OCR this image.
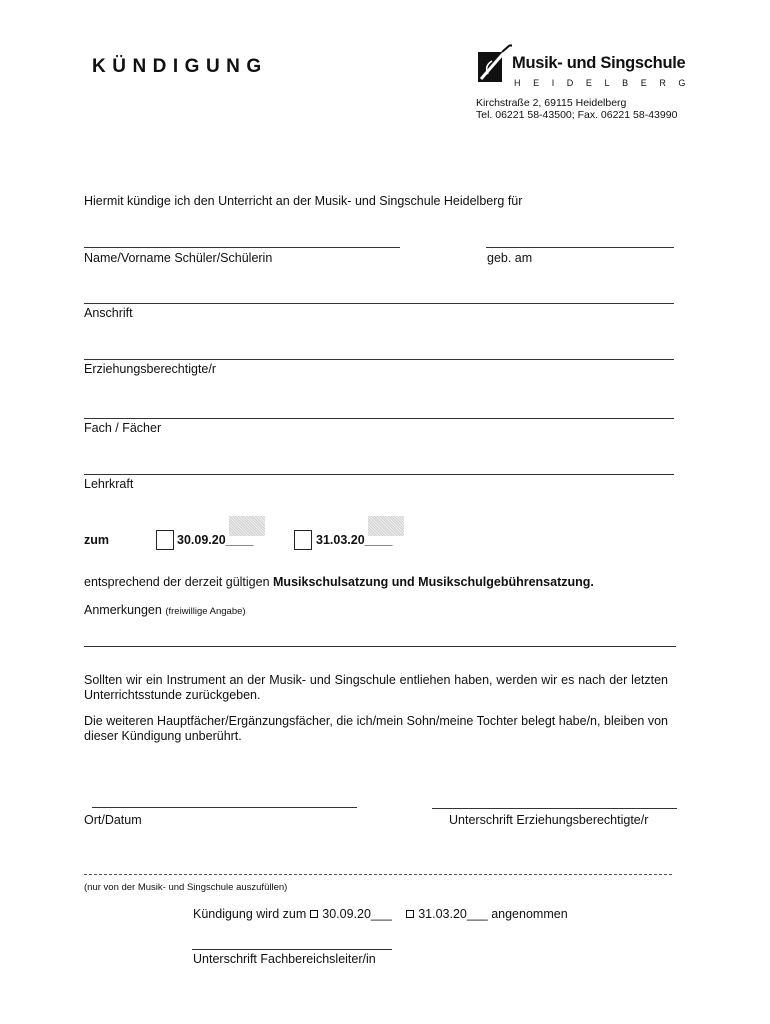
KÜNDIGUNG	Musik- und Singschule
HEIDELBERG
Kirchstraße 2, 69115 Heidelberg
Tel. 06221 58-43500; Fax. 06221 58-43990
Hiermit kündige ich den Unterricht an der Musik- und Singschule Heidelberg für
Name/Vorname Schüler/Schülerin	geb. am
Anschrift
Erziehungsberechtigte/r
Fach / Fächer
Lehrkraft
zum	30.09.20____	31.03.20____
entsprechend der derzeit gültigen Musikschulsatzung und Musikschulgebührensatzung.
Anmerkungen (freiwillige Angabe)
Sollten wir ein Instrument an der Musik- und Singschule entliehen haben, werden wir es nach der letzten Unterrichtsstunde zurückgeben.
Die weiteren Hauptfächer/Ergänzungsfächer, die ich/mein Sohn/meine Tochter belegt habe/n, bleiben von dieser Kündigung unberührt.
Ort/Datum	Unterschrift Erziehungsberechtigte/r
(nur von der Musik- und Singschule auszufüllen)
Kündigung wird zum 30.09.20___ 31.03.20___ angenommen
Unterschrift Fachbereichsleiter/in
